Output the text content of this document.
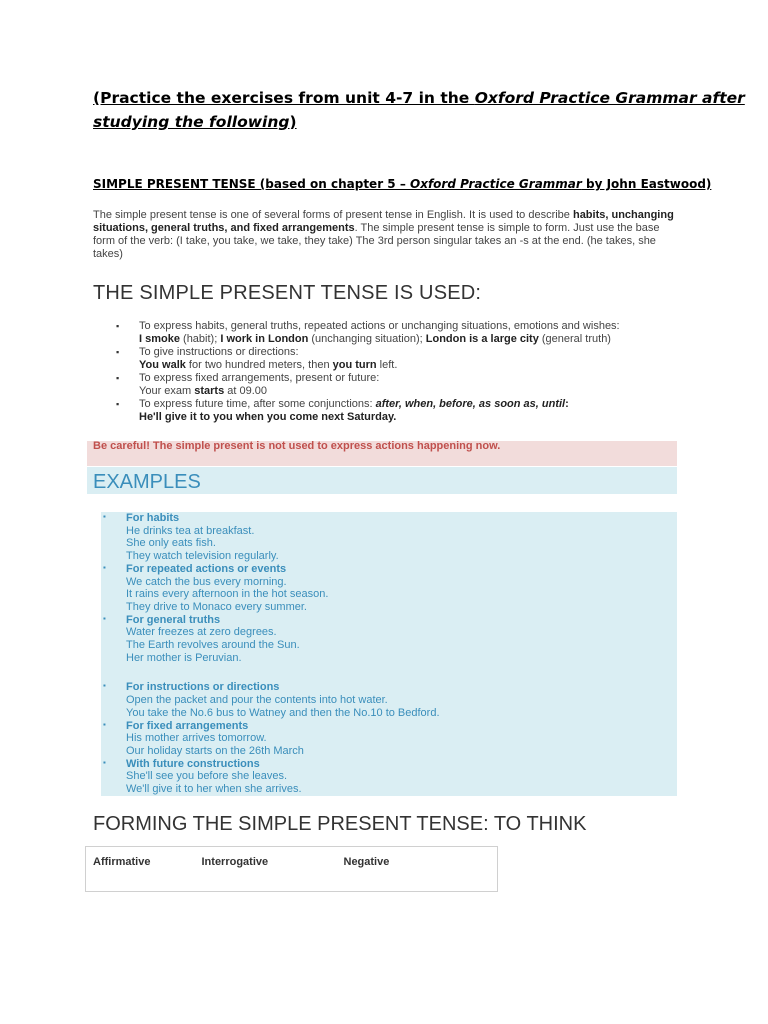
(Practice the exercises from unit 4-7 in the Oxford Practice Grammar after
studying the following)
SIMPLE PRESENT TENSE (based on chapter 5 – Oxford Practice Grammar by John Eastwood)

The simple present tense is one of several forms of present tense in English. It is used to describe habits, unchanging situations, general truths, and fixed arrangements. The simple present tense is simple to form. Just use the base form of the verb: (I take, you take, we take, they take) The 3rd person singular takes an -s at the end. (he takes, she takes)

THE SIMPLE PRESENT TENSE IS USED:
▪ To express habits, general truths, repeated actions or unchanging situations, emotions and wishes:
I smoke (habit); I work in London (unchanging situation); London is a large city (general truth)
▪ To give instructions or directions:
You walk for two hundred meters, then you turn left.
▪ To express fixed arrangements, present or future:
Your exam starts at 09.00
▪ To express future time, after some conjunctions: after, when, before, as soon as, until:
He'll give it to you when you come next Saturday.
Be careful! The simple present is not used to express actions happening now.
EXAMPLES
▪ For habits
He drinks tea at breakfast.
She only eats fish.
They watch television regularly.
▪ For repeated actions or events
We catch the bus every morning.
It rains every afternoon in the hot season.
They drive to Monaco every summer.
▪ For general truths
Water freezes at zero degrees.
The Earth revolves around the Sun.
Her mother is Peruvian.
▪ For instructions or directions
Open the packet and pour the contents into hot water.
You take the No.6 bus to Watney and then the No.10 to Bedford.
▪ For fixed arrangements
His mother arrives tomorrow.
Our holiday starts on the 26th March
▪ With future constructions
She'll see you before she leaves.
We'll give it to her when she arrives.
FORMING THE SIMPLE PRESENT TENSE: TO THINK
Affirmative	Interrogative	Negative
